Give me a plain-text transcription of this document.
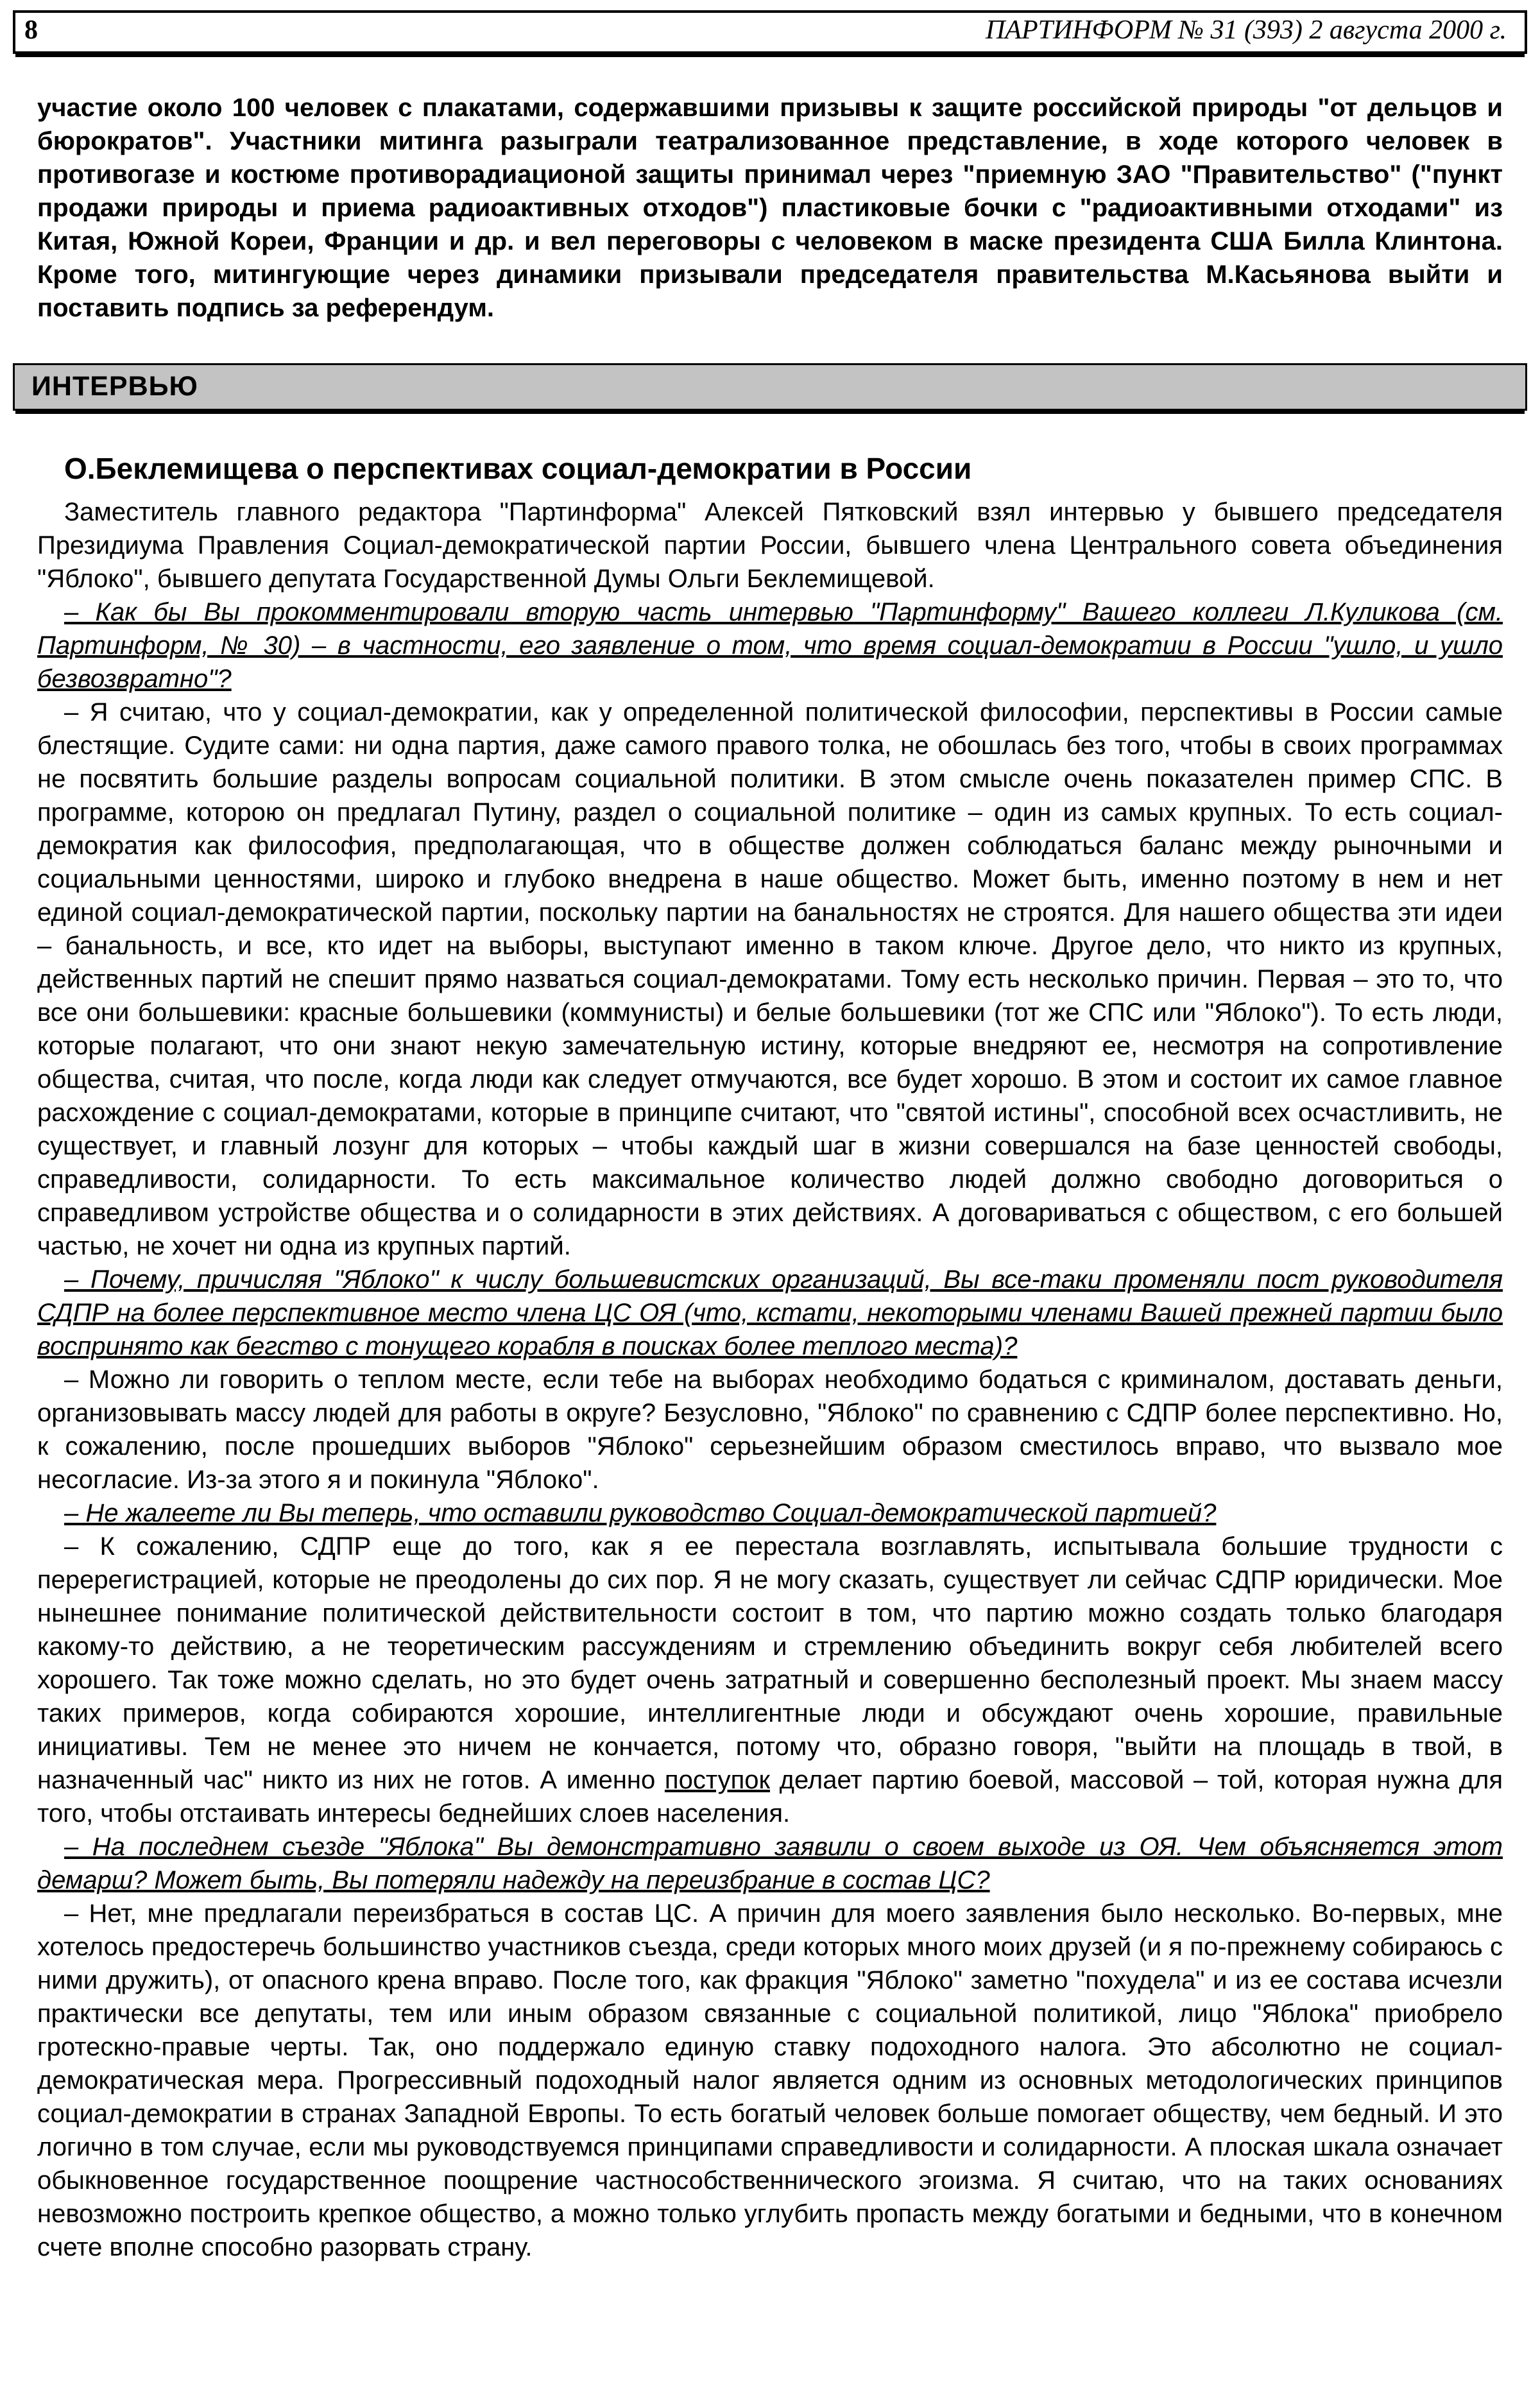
8	ПАРТИНФОРМ № 31 (393) 2 августа 2000 г.

участие около 100 человек с плакатами, содержавшими призывы к защите российской природы "от дельцов и бюрократов". Участники митинга разыграли театрализованное представление, в ходе которого человек в противогазе и костюме противорадиационой защиты принимал через "приемную ЗАО "Правительство" ("пункт продажи природы и приема радиоактивных отходов") пластиковые бочки с "радиоактивными отходами" из Китая, Южной Кореи, Франции и др. и вел переговоры с человеком в маске президента США Билла Клинтона. Кроме того, митингующие через динамики призывали председателя правительства М.Касьянова выйти и поставить подпись за референдум.

ИНТЕРВЬЮ
О.Беклемищева о перспективах социал-демократии в России

Заместитель главного редактора "Партинформа" Алексей Пятковский взял интервью у бывшего председателя Президиума Правления Социал-демократической партии России, бывшего члена Центрального совета объединения "Яблоко", бывшего депутата Государственной Думы Ольги Беклемищевой.

– Как бы Вы прокомментировали вторую часть интервью "Партинформу" Вашего коллеги Л.Куликова (см. Партинформ, № 30) – в частности, его заявление о том, что время социал-демократии в России "ушло, и ушло безвозвратно"?

– Я считаю, что у социал-демократии, как у определенной политической философии, перспективы в России самые блестящие. Судите сами: ни одна партия, даже самого правого толка, не обошлась без того, чтобы в своих программах не посвятить большие разделы вопросам социальной политики. В этом смысле очень показателен пример СПС. В программе, которою он предлагал Путину, раздел о социальной политике – один из самых крупных. То есть социал-демократия как философия, предполагающая, что в обществе должен соблюдаться баланс между рыночными и социальными ценностями, широко и глубоко внедрена в наше общество. Может быть, именно поэтому в нем и нет единой социал-демократической партии, поскольку партии на банальностях не строятся. Для нашего общества эти идеи – банальность, и все, кто идет на выборы, выступают именно в таком ключе. Другое дело, что никто из крупных, действенных партий не спешит прямо назваться социал-демократами. Тому есть несколько причин. Первая – это то, что все они большевики: красные большевики (коммунисты) и белые большевики (тот же СПС или "Яблоко"). То есть люди, которые полагают, что они знают некую замечательную истину, которые внедряют ее, несмотря на сопротивление общества, считая, что после, когда люди как следует отмучаются, все будет хорошо. В этом и состоит их самое главное расхождение с социал-демократами, которые в принципе считают, что "святой истины", способной всех осчастливить, не существует, и главный лозунг для которых – чтобы каждый шаг в жизни совершался на базе ценностей свободы, справедливости, солидарности. То есть максимальное количество людей должно свободно договориться о справедливом устройстве общества и о солидарности в этих действиях. А договариваться с обществом, с его большей частью, не хочет ни одна из крупных партий.

– Почему, причисляя "Яблоко" к числу большевистских организаций, Вы все-таки променяли пост руководителя СДПР на более перспективное место члена ЦС ОЯ (что, кстати, некоторыми членами Вашей прежней партии было воспринято как бегство с тонущего корабля в поисках более теплого места)?

– Можно ли говорить о теплом месте, если тебе на выборах необходимо бодаться с криминалом, доставать деньги, организовывать массу людей для работы в округе? Безусловно, "Яблоко" по сравнению с СДПР более перспективно. Но, к сожалению, после прошедших выборов "Яблоко" серьезнейшим образом сместилось вправо, что вызвало мое несогласие. Из-за этого я и покинула "Яблоко".

– Не жалеете ли Вы теперь, что оставили руководство Социал-демократической партией?

– К сожалению, СДПР еще до того, как я ее перестала возглавлять, испытывала большие трудности с перерегистрацией, которые не преодолены до сих пор. Я не могу сказать, существует ли сейчас СДПР юридически. Мое нынешнее понимание политической действительности состоит в том, что партию можно создать только благодаря какому-то действию, а не теоретическим рассуждениям и стремлению объединить вокруг себя любителей всего хорошего. Так тоже можно сделать, но это будет очень затратный и совершенно бесполезный проект. Мы знаем массу таких примеров, когда собираются хорошие, интеллигентные люди и обсуждают очень хорошие, правильные инициативы. Тем не менее это ничем не кончается, потому что, образно говоря, "выйти на площадь в твой, в назначенный час" никто из них не готов. А именно поступок делает партию боевой, массовой – той, которая нужна для того, чтобы отстаивать интересы беднейших слоев населения.

– На последнем съезде "Яблока" Вы демонстративно заявили о своем выходе из ОЯ. Чем объясняется этот демарш? Может быть, Вы потеряли надежду на переизбрание в состав ЦС?

– Нет, мне предлагали переизбраться в состав ЦС. А причин для моего заявления было несколько. Во-первых, мне хотелось предостеречь большинство участников съезда, среди которых много моих друзей (и я по-прежнему собираюсь с ними дружить), от опасного крена вправо. После того, как фракция "Яблоко" заметно "похудела" и из ее состава исчезли практически все депутаты, тем или иным образом связанные с социальной политикой, лицо "Яблока" приобрело гротескно-правые черты. Так, оно поддержало единую ставку подоходного налога. Это абсолютно не социал-демократическая мера. Прогрессивный подоходный налог является одним из основных методологических принципов социал-демократии в странах Западной Европы. То есть богатый человек больше помогает обществу, чем бедный. И это логично в том случае, если мы руководствуемся принципами справедливости и солидарности. А плоская шкала означает обыкновенное государственное поощрение частнособственнического эгоизма. Я считаю, что на таких основаниях невозможно построить крепкое общество, а можно только углубить пропасть между богатыми и бедными, что в конечном счете вполне способно разорвать страну.
